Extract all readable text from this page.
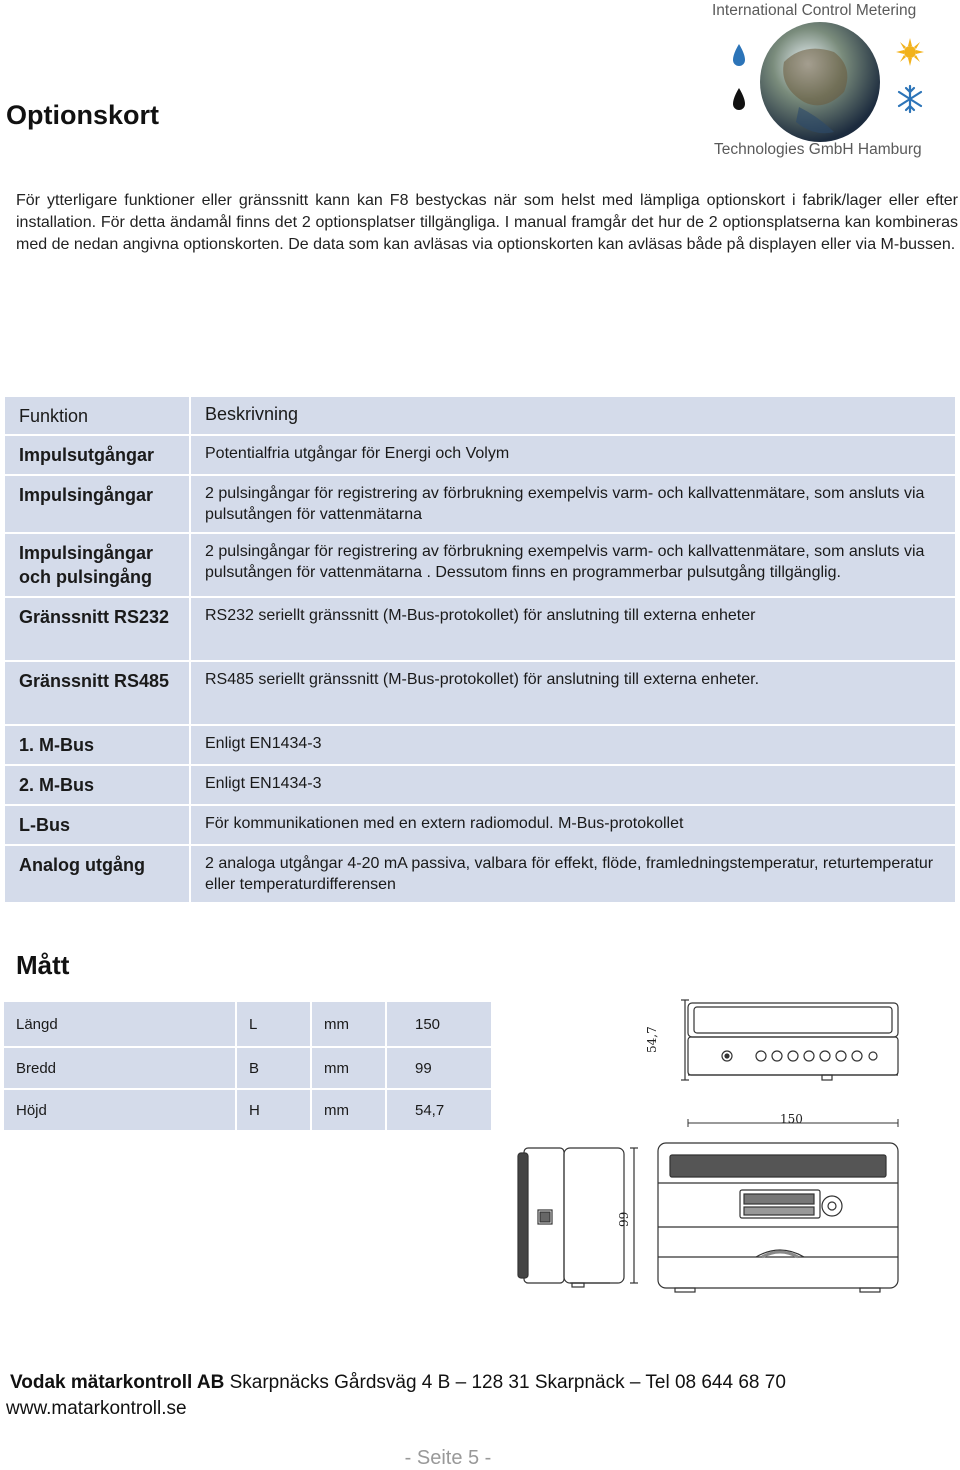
International Control Metering
Technologies GmbH Hamburg
Optionskort

För ytterligare funktioner eller gränssnitt kann kan F8 bestyckas när som helst med lämpliga optionskort i fabrik/lager eller efter installation. För detta ändamål finns det 2 optionsplatser tillgängliga. I manual framgår det hur de 2 optionsplatserna kan kombineras med de nedan angivna optionskorten. De data som kan avläsas via optionskorten kan avläsas både på displayen eller via M-bussen.

Funktion	Beskrivning
Impulsutgångar	Potentialfria utgångar för Energi och Volym
Impulsingångar	2 pulsingångar för registrering av förbrukning exempelvis varm- och kallvattenmätare, som ansluts via pulsutången för vattenmätarna
Impulsingångar och pulsingång	2 pulsingångar för registrering av förbrukning exempelvis varm- och kallvattenmätare, som ansluts via pulsutången för vattenmätarna . Dessutom finns en programmerbar pulsutgång tillgänglig.
Gränssnitt RS232	RS232 seriellt gränssnitt (M-Bus-protokollet) för anslutning till externa enheter
Gränssnitt RS485	RS485 seriellt gränssnitt (M-Bus-protokollet) för anslutning till externa enheter.
1. M-Bus	Enligt EN1434-3
2. M-Bus	Enligt EN1434-3
L-Bus	För kommunikationen med en extern radiomodul. M-Bus-protokollet
Analog utgång	2 analoga utgångar 4-20 mA passiva, valbara för effekt, flöde, framledningstemperatur, returtemperatur eller temperaturdifferensen
Mått
Längd	L	mm	150
Bredd	B	mm	99
Höjd	H	mm	54,7
54,7
150
99
Vodak mätarkontroll AB Skarpnäcks Gårdsväg 4 B – 128 31 Skarpnäck – Tel 08 644 68 70
www.matarkontroll.se
- Seite 5 -
